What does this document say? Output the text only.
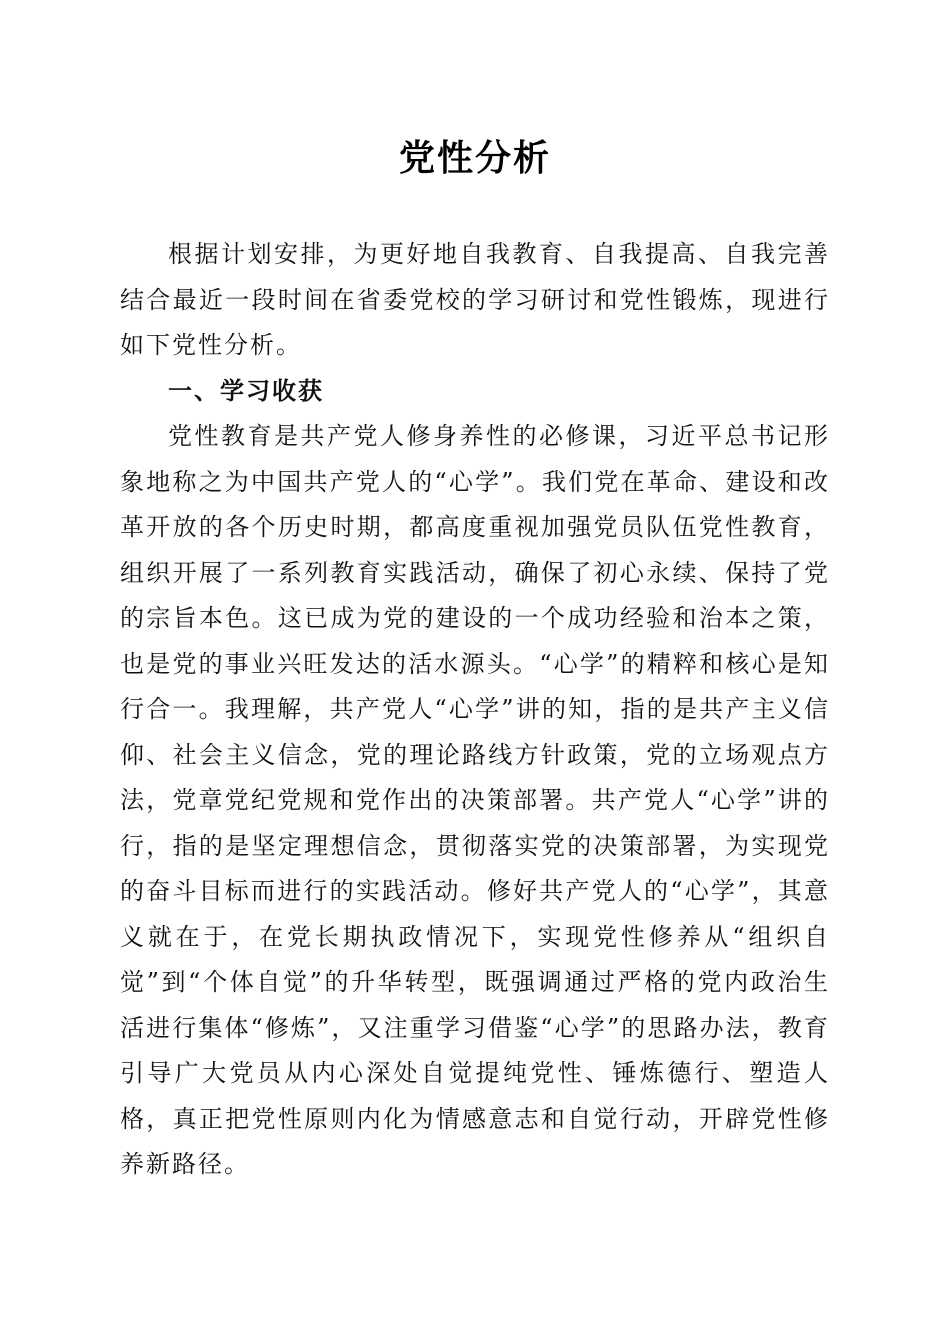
党性分析

根据计划安排，为更好地自我教育、自我提高、自我完善结合最近一段时间在省委党校的学习研讨和党性锻炼，现进行如下党性分析。

一、学习收获

党性教育是共产党人修身养性的必修课，习近平总书记形象地称之为中国共产党人的“心学”。我们党在革命、建设和改革开放的各个历史时期，都高度重视加强党员队伍党性教育，组织开展了一系列教育实践活动，确保了初心永续、保持了党的宗旨本色。这已成为党的建设的一个成功经验和治本之策，也是党的事业兴旺发达的活水源头。“心学”的精粹和核心是知行合一。我理解，共产党人“心学”讲的知，指的是共产主义信仰、社会主义信念，党的理论路线方针政策，党的立场观点方法，党章党纪党规和党作出的决策部署。共产党人“心学”讲的行，指的是坚定理想信念，贯彻落实党的决策部署，为实现党的奋斗目标而进行的实践活动。修好共产党人的“心学”，其意义就在于，在党长期执政情况下，实现党性修养从“组织自觉”到“个体自觉”的升华转型，既强调通过严格的党内政治生活进行集体“修炼”，又注重学习借鉴“心学”的思路办法，教育引导广大党员从内心深处自觉提纯党性、锤炼德行、塑造人格，真正把党性原则内化为情感意志和自觉行动，开辟党性修养新路径。
